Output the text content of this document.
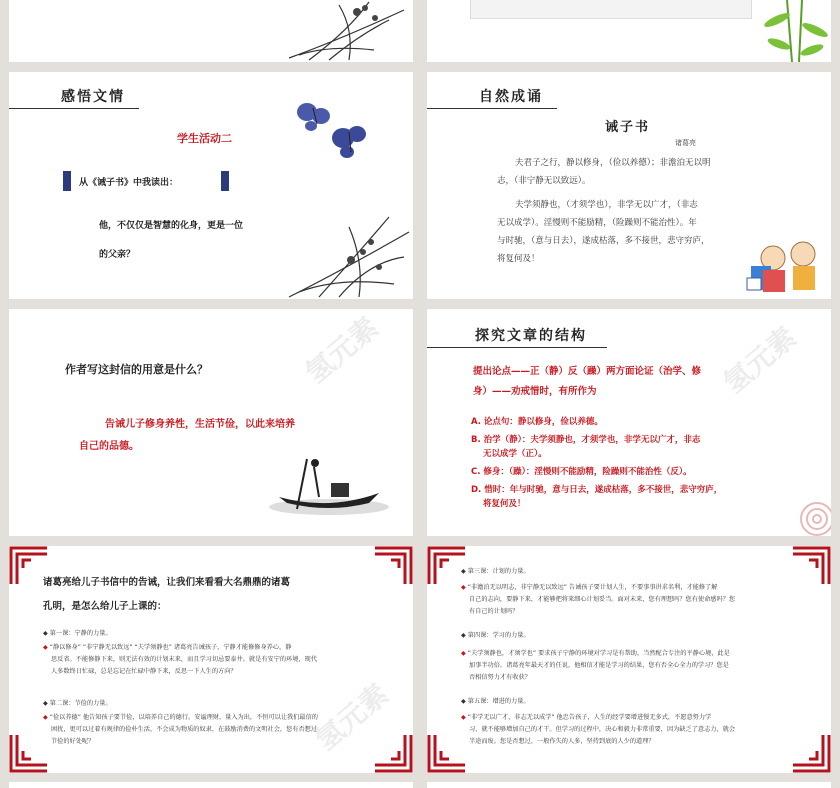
感悟文情
学生活动二
从《诫子书》中我读出：
他，不仅仅是智慧的化身，更是一位
的父亲？
自然成诵
诫子书
诸葛亮
夫君子之行，静以修身，（俭以养德）；非澹泊无以明
志，（非宁静无以致远）。
夫学须静也，（才须学也），非学无以广才，（非志
无以成学）。淫慢则不能励精，（险躁则不能治性）。年
与时驰，（意与日去），遂成枯落，多不接世，悲守穷庐，
将复何及！
作者写这封信的用意是什么？
告诫儿子修身养性，生活节俭，以此来培养
自己的品德。
氢元素	探究文章的结构
提出论点——正（静）反（躁）两方面论证（治学、修
身）——劝戒惜时，有所作为
A. 论点句：静以修身，俭以养德。
B. 治学（静）：夫学须静也，才须学也，非学无以广才，非志
无以成学（正）。
C. 修身：（躁）：淫慢则不能励精，险躁则不能治性（反）。
D. 惜时：年与时驰，意与日去，遂成枯落，多不接世，悲守穷庐，
将复何及！
氢元素
诸葛亮给儿子书信中的告诫，让我们来看看大名鼎鼎的诸葛
孔明，是怎么给儿子上课的：
◆ 第一课：宁静的力量。
◆ “静以修身” “非宁静无以致远” “夫学须静也” 诸葛亮告诫孩子，宁静才能修修身养心，静
思反省。不能修静下来，则无法有效的计划未来，而且学习切忌要泰井。就是有安宁的环境，现代
人多数终日忙碌，总是忘记在忙碌中静下来，反思一下人生的方向？
◆ 第二课：节俭的力量。
◆ “俭以养德” 他告知孩子要节俭，以培养自己的德行。安谧理财，量入为出，不恒可以让我们最信的
困扰，更可以过着有规律的俭朴生活，不会成为物质的奴隶，在鼓励消费的文明社会，您有否想过
节俭的好处呢？	氢元素
◆ 第三课：计划的力量。
◆ “非澹泊无以明志，非宁静无以致远” 告诫孩子要计划人生，不要事事讲求名利，才能修了解
自己的志向，要静下来，才能够把将来细心计划妥当。面对未来，您有理想吗？您有使命感吗？您
有自己的计划吗？
◆ 第四课：学习的力量。
◆ “夫学须静也，才须学也” 要求孩子宁静的环境对学习是有帮助，当然配合专注的平静心境，此是
加事半功倍。诸葛亮年最天才的任说，他相信才能是学习的结果，您有否全心全力的学习？您是
否相信努力才有收获？
◆ 第五课：增进的力量。
◆ “非学无以广才，非志无以成学” 他忠告孩子，人生的经学要增进慢无多式，不愿意努力学
习，就不能够增加自己的才干。但学习的过程中，决心和毅力非常重要，因为缺乏了意志力，就会
半途而废。您是否想过，一般作失的人多，坚持到底的人少的道理？
